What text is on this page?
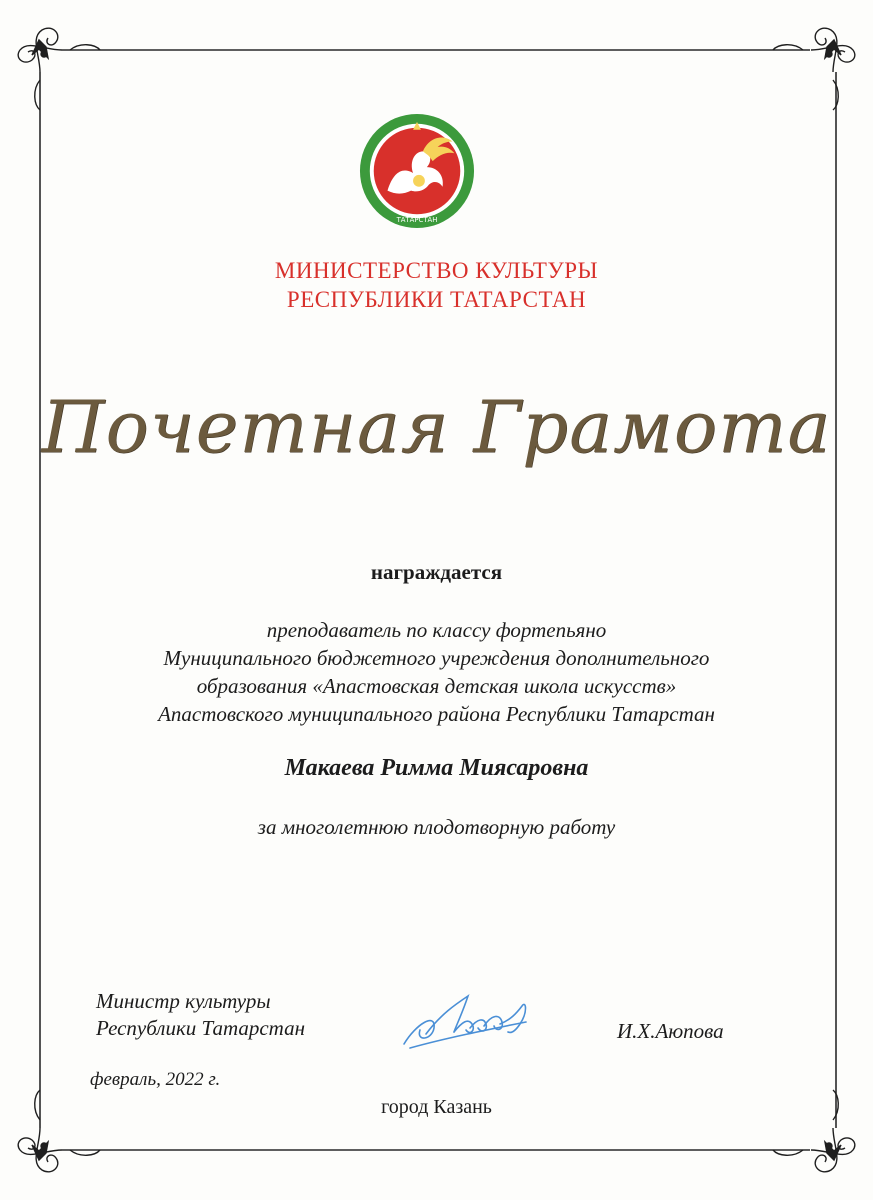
ТАТАРСТАН
МИНИСТЕРСТВО КУЛЬТУРЫ
РЕСПУБЛИКИ ТАТАРСТАН
Почетная Грамота
награждается
преподаватель по классу фортепьяно
Муниципального бюджетного учреждения дополнительного
образования «Апастовская детская школа искусств»
Апастовского муниципального района Республики Татарстан
Макаева Римма Миясаровна
за многолетнюю плодотворную работу
Министр культуры
Республики Татарстан	И.Х.Аюпова
февраль, 2022 г.
город Казань
